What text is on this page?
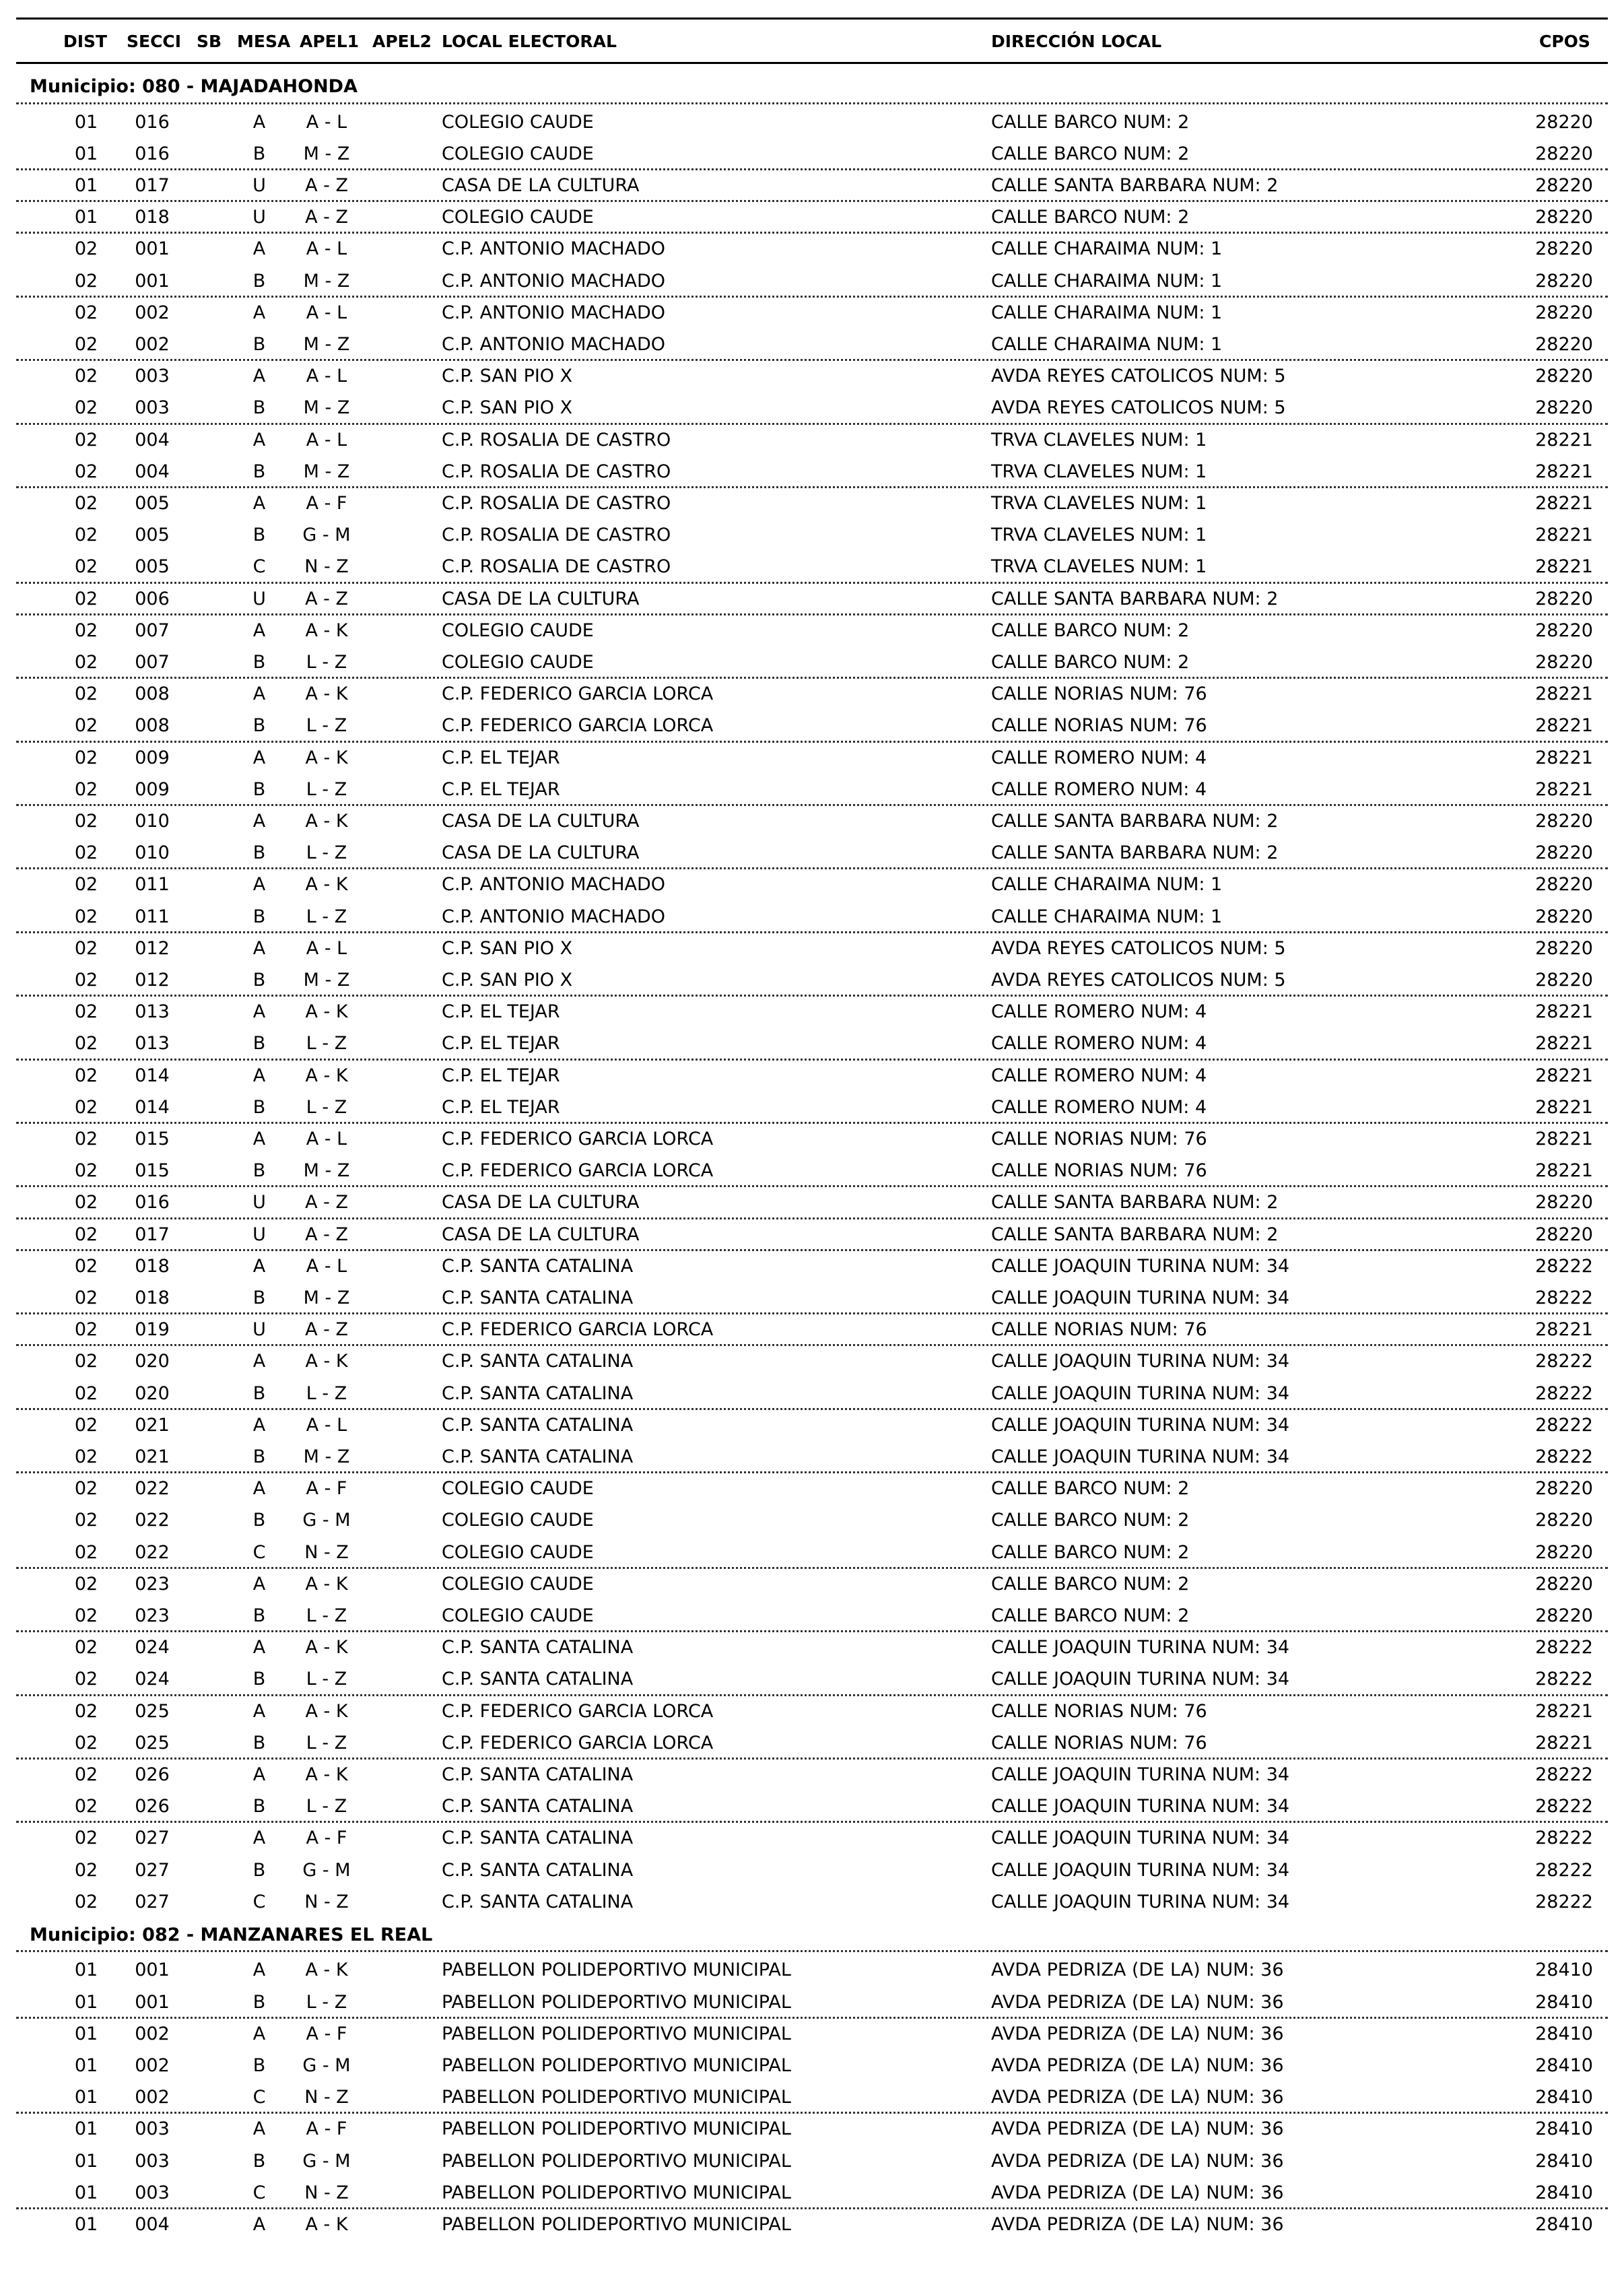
DIST SECCI SB MESA APEL1 APEL2 LOCAL ELECTORAL	DIRECCIÓN LOCAL	CPOS
Municipio: 080 - MAJADAHONDA
01 016	A	A - L	COLEGIO CAUDE	CALLE BARCO NUM: 2	28220
01 016	B M - Z	COLEGIO CAUDE	CALLE BARCO NUM: 2	28220
01 017	U A - Z	CASA DE LA CULTURA	CALLE SANTA BARBARA NUM: 2	28220
01 018	U A - Z	COLEGIO CAUDE	CALLE BARCO NUM: 2	28220
02 001	A	A - L	C.P. ANTONIO MACHADO	CALLE CHARAIMA NUM: 1	28220
02 001	B M - Z	C.P. ANTONIO MACHADO	CALLE CHARAIMA NUM: 1	28220
02 002	A	A - L	C.P. ANTONIO MACHADO	CALLE CHARAIMA NUM: 1	28220
02 002	B M - Z	C.P. ANTONIO MACHADO	CALLE CHARAIMA NUM: 1	28220
02 003	A	A - L	C.P. SAN PIO X	AVDA REYES CATOLICOS NUM: 5	28220
02 003	B M - Z	C.P. SAN PIO X	AVDA REYES CATOLICOS NUM: 5	28220
02 004	A	A - L	C.P. ROSALIA DE CASTRO	TRVA CLAVELES NUM: 1	28221
02 004	B M - Z	C.P. ROSALIA DE CASTRO	TRVA CLAVELES NUM: 1	28221
02 005	A	A - F	C.P. ROSALIA DE CASTRO	TRVA CLAVELES NUM: 1	28221
02 005	B G - M	C.P. ROSALIA DE CASTRO	TRVA CLAVELES NUM: 1	28221
02 005	C N - Z	C.P. ROSALIA DE CASTRO	TRVA CLAVELES NUM: 1	28221
02 006	U A - Z	CASA DE LA CULTURA	CALLE SANTA BARBARA NUM: 2	28220
02 007	A	A - K	COLEGIO CAUDE	CALLE BARCO NUM: 2	28220
02 007	B	L - Z	COLEGIO CAUDE	CALLE BARCO NUM: 2	28220
02 008	A	A - K	C.P. FEDERICO GARCIA LORCA	CALLE NORIAS NUM: 76	28221
02 008	B	L - Z	C.P. FEDERICO GARCIA LORCA	CALLE NORIAS NUM: 76	28221
02 009	A	A - K	C.P. EL TEJAR	CALLE ROMERO NUM: 4	28221
02 009	B	L - Z	C.P. EL TEJAR	CALLE ROMERO NUM: 4	28221
02 010	A	A - K	CASA DE LA CULTURA	CALLE SANTA BARBARA NUM: 2	28220
02 010	B	L - Z	CASA DE LA CULTURA	CALLE SANTA BARBARA NUM: 2	28220
02 011	A	A - K	C.P. ANTONIO MACHADO	CALLE CHARAIMA NUM: 1	28220
02 011	B	L - Z	C.P. ANTONIO MACHADO	CALLE CHARAIMA NUM: 1	28220
02 012	A	A - L	C.P. SAN PIO X	AVDA REYES CATOLICOS NUM: 5	28220
02 012	B M - Z	C.P. SAN PIO X	AVDA REYES CATOLICOS NUM: 5	28220
02 013	A	A - K	C.P. EL TEJAR	CALLE ROMERO NUM: 4	28221
02 013	B	L - Z	C.P. EL TEJAR	CALLE ROMERO NUM: 4	28221
02 014	A	A - K	C.P. EL TEJAR	CALLE ROMERO NUM: 4	28221
02 014	B	L - Z	C.P. EL TEJAR	CALLE ROMERO NUM: 4	28221
02 015	A	A - L	C.P. FEDERICO GARCIA LORCA	CALLE NORIAS NUM: 76	28221
02 015	B M - Z	C.P. FEDERICO GARCIA LORCA	CALLE NORIAS NUM: 76	28221
02 016	U A - Z	CASA DE LA CULTURA	CALLE SANTA BARBARA NUM: 2	28220
02 017	U A - Z	CASA DE LA CULTURA	CALLE SANTA BARBARA NUM: 2	28220
02 018	A	A - L	C.P. SANTA CATALINA	CALLE JOAQUIN TURINA NUM: 34	28222
02 018	B M - Z	C.P. SANTA CATALINA	CALLE JOAQUIN TURINA NUM: 34	28222
02 019	U A - Z	C.P. FEDERICO GARCIA LORCA	CALLE NORIAS NUM: 76	28221
02 020	A	A - K	C.P. SANTA CATALINA	CALLE JOAQUIN TURINA NUM: 34	28222
02 020	B	L - Z	C.P. SANTA CATALINA	CALLE JOAQUIN TURINA NUM: 34	28222
02 021	A	A - L	C.P. SANTA CATALINA	CALLE JOAQUIN TURINA NUM: 34	28222
02 021	B M - Z	C.P. SANTA CATALINA	CALLE JOAQUIN TURINA NUM: 34	28222
02 022	A	A - F	COLEGIO CAUDE	CALLE BARCO NUM: 2	28220
02 022	B G - M	COLEGIO CAUDE	CALLE BARCO NUM: 2	28220
02 022	C N - Z	COLEGIO CAUDE	CALLE BARCO NUM: 2	28220
02 023	A	A - K	COLEGIO CAUDE	CALLE BARCO NUM: 2	28220
02 023	B	L - Z	COLEGIO CAUDE	CALLE BARCO NUM: 2	28220
02 024	A	A - K	C.P. SANTA CATALINA	CALLE JOAQUIN TURINA NUM: 34	28222
02 024	B	L - Z	C.P. SANTA CATALINA	CALLE JOAQUIN TURINA NUM: 34	28222
02 025	A	A - K	C.P. FEDERICO GARCIA LORCA	CALLE NORIAS NUM: 76	28221
02 025	B	L - Z	C.P. FEDERICO GARCIA LORCA	CALLE NORIAS NUM: 76	28221
02 026	A	A - K	C.P. SANTA CATALINA	CALLE JOAQUIN TURINA NUM: 34	28222
02 026	B	L - Z	C.P. SANTA CATALINA	CALLE JOAQUIN TURINA NUM: 34	28222
02 027	A	A - F	C.P. SANTA CATALINA	CALLE JOAQUIN TURINA NUM: 34	28222
02 027	B G - M	C.P. SANTA CATALINA	CALLE JOAQUIN TURINA NUM: 34	28222
02 027	C N - Z	C.P. SANTA CATALINA	CALLE JOAQUIN TURINA NUM: 34	28222
Municipio: 082 - MANZANARES EL REAL
01 001	A	A - K	PABELLON POLIDEPORTIVO MUNICIPAL	AVDA PEDRIZA (DE LA) NUM: 36	28410
01 001	B	L - Z	PABELLON POLIDEPORTIVO MUNICIPAL	AVDA PEDRIZA (DE LA) NUM: 36	28410
01 002	A	A - F	PABELLON POLIDEPORTIVO MUNICIPAL	AVDA PEDRIZA (DE LA) NUM: 36	28410
01 002	B G - M	PABELLON POLIDEPORTIVO MUNICIPAL	AVDA PEDRIZA (DE LA) NUM: 36	28410
01 002	C N - Z	PABELLON POLIDEPORTIVO MUNICIPAL	AVDA PEDRIZA (DE LA) NUM: 36	28410
01 003	A	A - F	PABELLON POLIDEPORTIVO MUNICIPAL	AVDA PEDRIZA (DE LA) NUM: 36	28410
01 003	B G - M	PABELLON POLIDEPORTIVO MUNICIPAL	AVDA PEDRIZA (DE LA) NUM: 36	28410
01 003	C N - Z	PABELLON POLIDEPORTIVO MUNICIPAL	AVDA PEDRIZA (DE LA) NUM: 36	28410
01 004	A	A - K	PABELLON POLIDEPORTIVO MUNICIPAL	AVDA PEDRIZA (DE LA) NUM: 36	28410
